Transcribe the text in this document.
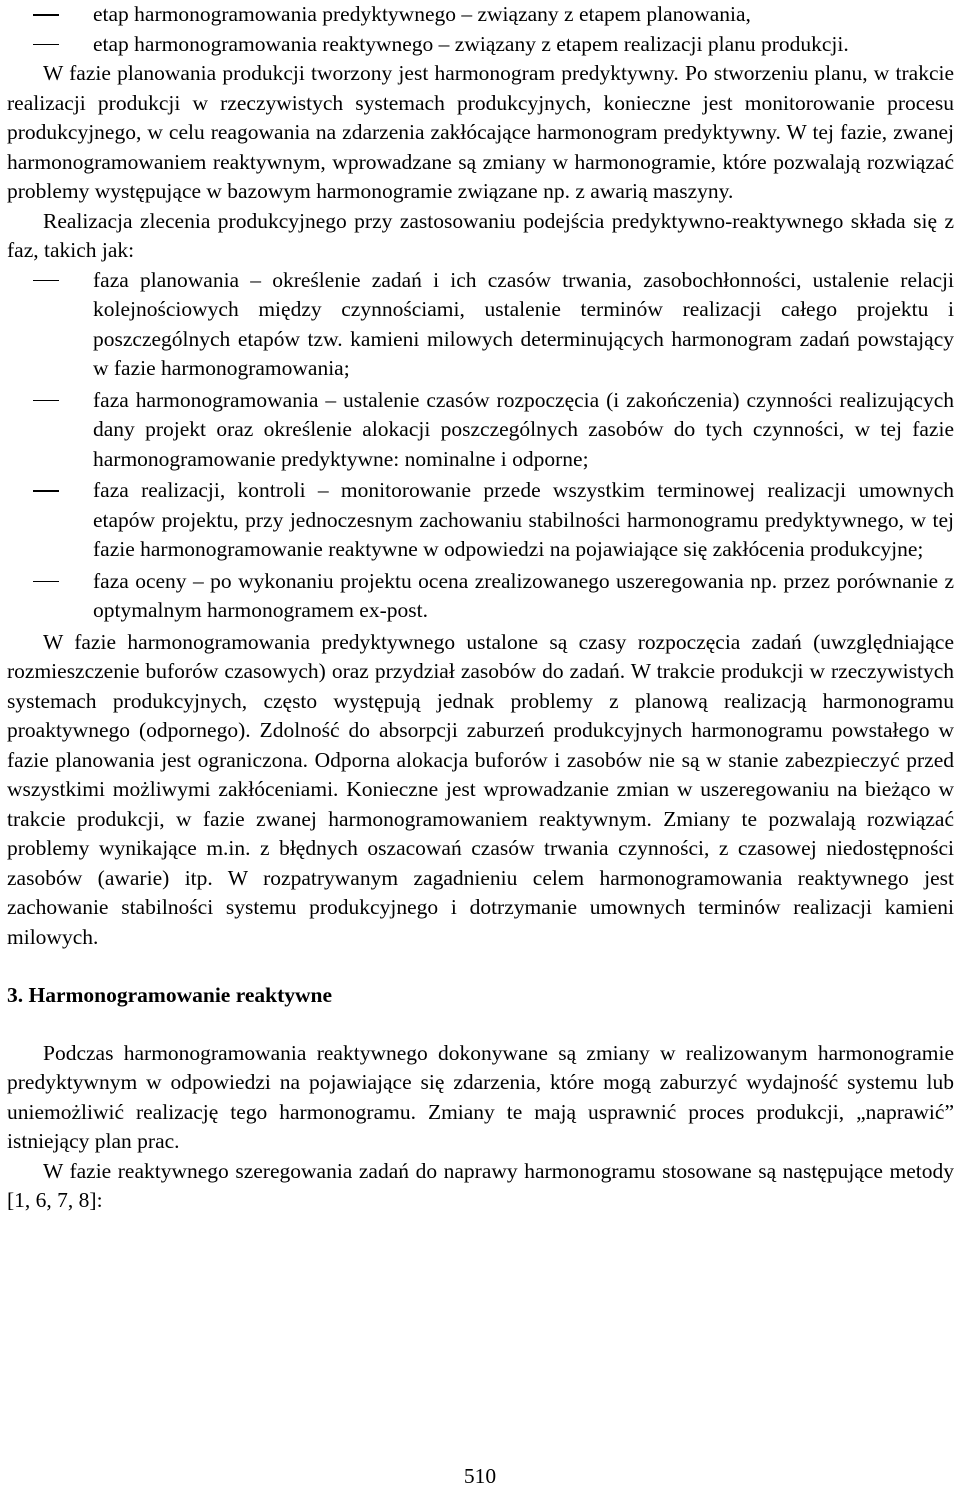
etap harmonogramowania predyktywnego – związany z etapem planowania,
etap harmonogramowania reaktywnego – związany z etapem realizacji planu produkcji.

W fazie planowania produkcji tworzony jest harmonogram predyktywny. Po stworzeniu planu, w trakcie realizacji produkcji w rzeczywistych systemach produkcyjnych, konieczne jest monitorowanie procesu produkcyjnego, w celu reagowania na zdarzenia zakłócające harmonogram predyktywny. W tej fazie, zwanej harmonogramowaniem reaktywnym, wprowadzane są zmiany w harmonogramie, które pozwalają rozwiązać problemy występujące w bazowym harmonogramie związane np. z awarią maszyny.

Realizacja zlecenia produkcyjnego przy zastosowaniu podejścia predyktywno-reaktywnego składa się z faz, takich jak:

faza planowania – określenie zadań i ich czasów trwania, zasobochłonności, ustalenie relacji kolejnościowych między czynnościami, ustalenie terminów realizacji całego projektu i poszczególnych etapów tzw. kamieni milowych determinujących harmonogram zadań powstający w fazie harmonogramowania;
faza harmonogramowania – ustalenie czasów rozpoczęcia (i zakończenia) czynności realizujących dany projekt oraz określenie alokacji poszczególnych zasobów do tych czynności, w tej fazie harmonogramowanie predyktywne: nominalne i odporne;
faza realizacji, kontroli – monitorowanie przede wszystkim terminowej realizacji umownych etapów projektu, przy jednoczesnym zachowaniu stabilności harmonogramu predyktywnego, w tej fazie harmonogramowanie reaktywne w odpowiedzi na pojawiające się zakłócenia produkcyjne;
faza oceny – po wykonaniu projektu ocena zrealizowanego uszeregowania np. przez porównanie z optymalnym harmonogramem ex-post.

W fazie harmonogramowania predyktywnego ustalone są czasy rozpoczęcia zadań (uwzględniające rozmieszczenie buforów czasowych) oraz przydział zasobów do zadań. W trakcie produkcji w rzeczywistych systemach produkcyjnych, często występują jednak problemy z planową realizacją harmonogramu proaktywnego (odpornego). Zdolność do absorpcji zaburzeń produkcyjnych harmonogramu powstałego w fazie planowania jest ograniczona. Odporna alokacja buforów i zasobów nie są w stanie zabezpieczyć przed wszystkimi możliwymi zakłóceniami. Konieczne jest wprowadzanie zmian w uszeregowaniu na bieżąco w trakcie produkcji, w fazie zwanej harmonogramowaniem reaktywnym. Zmiany te pozwalają rozwiązać problemy wynikające m.in. z błędnych oszacowań czasów trwania czynności, z czasowej niedostępności zasobów (awarie) itp. W rozpatrywanym zagadnieniu celem harmonogramowania reaktywnego jest zachowanie stabilności systemu produkcyjnego i dotrzymanie umownych terminów realizacji kamieni milowych.

3. Harmonogramowanie reaktywne

Podczas harmonogramowania reaktywnego dokonywane są zmiany w realizowanym harmonogramie predyktywnym w odpowiedzi na pojawiające się zdarzenia, które mogą zaburzyć wydajność systemu lub uniemożliwić realizację tego harmonogramu. Zmiany te mają usprawnić proces produkcji, „naprawić” istniejący plan prac.

W fazie reaktywnego szeregowania zadań do naprawy harmonogramu stosowane są następujące metody [1, 6, 7, 8]:

510
